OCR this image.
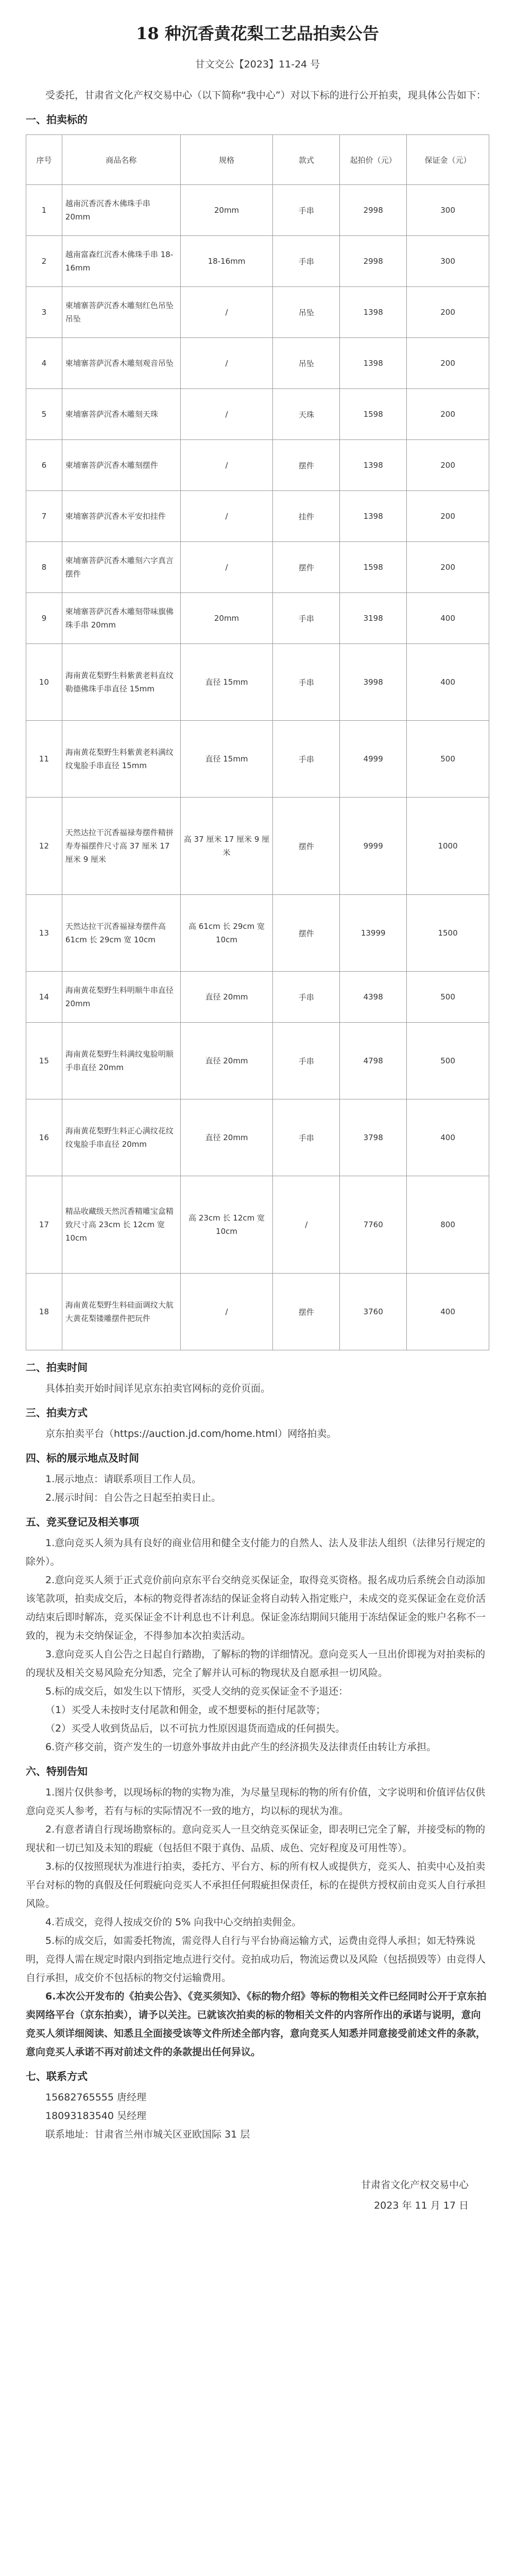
18 种沉香黄花梨工艺品拍卖公告
甘文交公【2023】11-24 号

受委托，甘肃省文化产权交易中心（以下简称“我中心”）对以下标的进行公开拍卖，现具体公告如下：

一、拍卖标的
序号	商品名称	规格	款式	起拍价（元）	保证金（元）
1	越南沉香沉香木佛珠手串 20mm	20mm	手串	2998	300
2	越南富森红沉香木佛珠手串 18-16mm	18-16mm	手串	2998	300
3	柬埔寨菩萨沉香木雕刻红色吊坠吊坠	/	吊坠	1398	200
4	柬埔寨菩萨沉香木雕刻观音吊坠	/	吊坠	1398	200
5	柬埔寨菩萨沉香木雕刻天珠	/	天珠	1598	200
6	柬埔寨菩萨沉香木雕刻摆件	/	摆件	1398	200
7	柬埔寨菩萨沉香木平安扣挂件	/	挂件	1398	200
8	柬埔寨菩萨沉香木雕刻六字真言摆件	/	摆件	1598	200
9	柬埔寨菩萨沉香木雕刻带味旗佛珠手串 20mm	20mm	手串	3198	400
10	海南黄花梨野生料紫黄老料直纹勒德佛珠手串直径 15mm	直径 15mm	手串	3998	400
11	海南黄花梨野生料紫黄老料满纹纹鬼脸手串直径 15mm	直径 15mm	手串	4999	500
12	天然达拉干沉香福禄寿摆件精拼寿寿福摆件尺寸高 37 厘米 17 厘米 9 厘米	高 37 厘米 17 厘米 9 厘米	摆件	9999	1000
13	天然达拉干沉香福禄寿摆件高 61cm 长 29cm 宽 10cm	高 61cm 长 29cm 宽 10cm	摆件	13999	1500
14	海南黄花梨野生料明顺牛串直径 20mm	直径 20mm	手串	4398	500
15	海南黄花梨野生料满纹鬼脸明顺手串直径 20mm	直径 20mm	手串	4798	500
16	海南黄花梨野生料正心满纹花纹纹鬼脸手串直径 20mm	直径 20mm	手串	3798	400
17	精品收藏级天然沉香精雕宝盒精致尺寸高 23cm 长 12cm 宽 10cm	高 23cm 长 12cm 宽 10cm	/	7760	800
18	海南黄花梨野生料硅面调纹大航大黄花梨镂雕摆件把玩件	/	摆件	3760	400
二、拍卖时间

具体拍卖开始时间详见京东拍卖官网标的竞价页面。

三、拍卖方式

京东拍卖平台（https://auction.jd.com/home.html）网络拍卖。

四、标的展示地点及时间

1.展示地点：请联系项目工作人员。

2.展示时间：自公告之日起至拍卖日止。

五、竞买登记及相关事项

1.意向竞买人须为具有良好的商业信用和健全支付能力的自然人、法人及非法人组织（法律另行规定的除外）。

2.意向竞买人须于正式竞价前向京东平台交纳竞买保证金，取得竞买资格。报名成功后系统会自动添加该笔款项，拍卖成交后，本标的物竞得者冻结的保证金将自动转入指定账户，未成交的竞买保证金在竞价活动结束后即时解冻，竞买保证金不计利息也不计利息。保证金冻结期间只能用于冻结保证金的账户名称不一致的，视为未交纳保证金，不得参加本次拍卖活动。

3.意向竞买人自公告之日起自行踏勘，了解标的物的详细情况。意向竞买人一旦出价即视为对拍卖标的的现状及相关交易风险充分知悉，完全了解并认可标的物现状及自愿承担一切风险。

5.标的成交后，如发生以下情形，买受人交纳的竞买保证金不予退还：

（1）买受人未按时支付尾款和佣金，或不想要标的拒付尾款等；

（2）买受人收到货品后，以不可抗力性原因退货而造成的任何损失。

6.资产移交前，资产发生的一切意外事故并由此产生的经济损失及法律责任由转让方承担。

六、特别告知

1.图片仅供参考，以现场标的物的实物为准，为尽量呈现标的物的所有价值，文字说明和价值评估仅供意向竞买人参考，若有与标的实际情况不一致的地方，均以标的现状为准。

2.有意者请自行现场勘察标的。意向竞买人一旦交纳竞买保证金，即表明已完全了解，并接受标的物的现状和一切已知及未知的瑕疵（包括但不限于真伪、品质、成色、完好程度及可用性等）。

3.标的仅按照现状为准进行拍卖，委托方、平台方、标的所有权人或提供方，竞买人、拍卖中心及拍卖平台对标的物的真假及任何瑕疵向竞买人不承担任何瑕疵担保责任，标的在提供方授权前由竞买人自行承担风险。

4.若成交，竞得人按成交价的 5% 向我中心交纳拍卖佣金。

5.标的成交后，如需委托物流，需竞得人自行与平台协商运输方式，运费由竞得人承担；如无特殊说明，竞得人需在规定时限内到指定地点进行交付。竞拍成功后，物流运费以及风险（包括损毁等）由竞得人自行承担，成交价不包括标的物交付运输费用。

6.本次公开发布的《拍卖公告》、《竞买须知》、《标的物介绍》等标的物相关文件已经同时公开于京东拍卖网络平台（京东拍卖），请予以关注。已就该次拍卖的标的物相关文件的内容所作出的承诺与说明，意向竞买人须详细阅读、知悉且全面接受该等文件所述全部内容，意向竞买人知悉并同意接受前述文件的条款，意向竞买人承诺不再对前述文件的条款提出任何异议。

七、联系方式

15682765555 唐经理

18093183540 吴经理

联系地址：甘肃省兰州市城关区亚欧国际 31 层

甘肃省文化产权交易中心
2023 年 11 月 17 日
